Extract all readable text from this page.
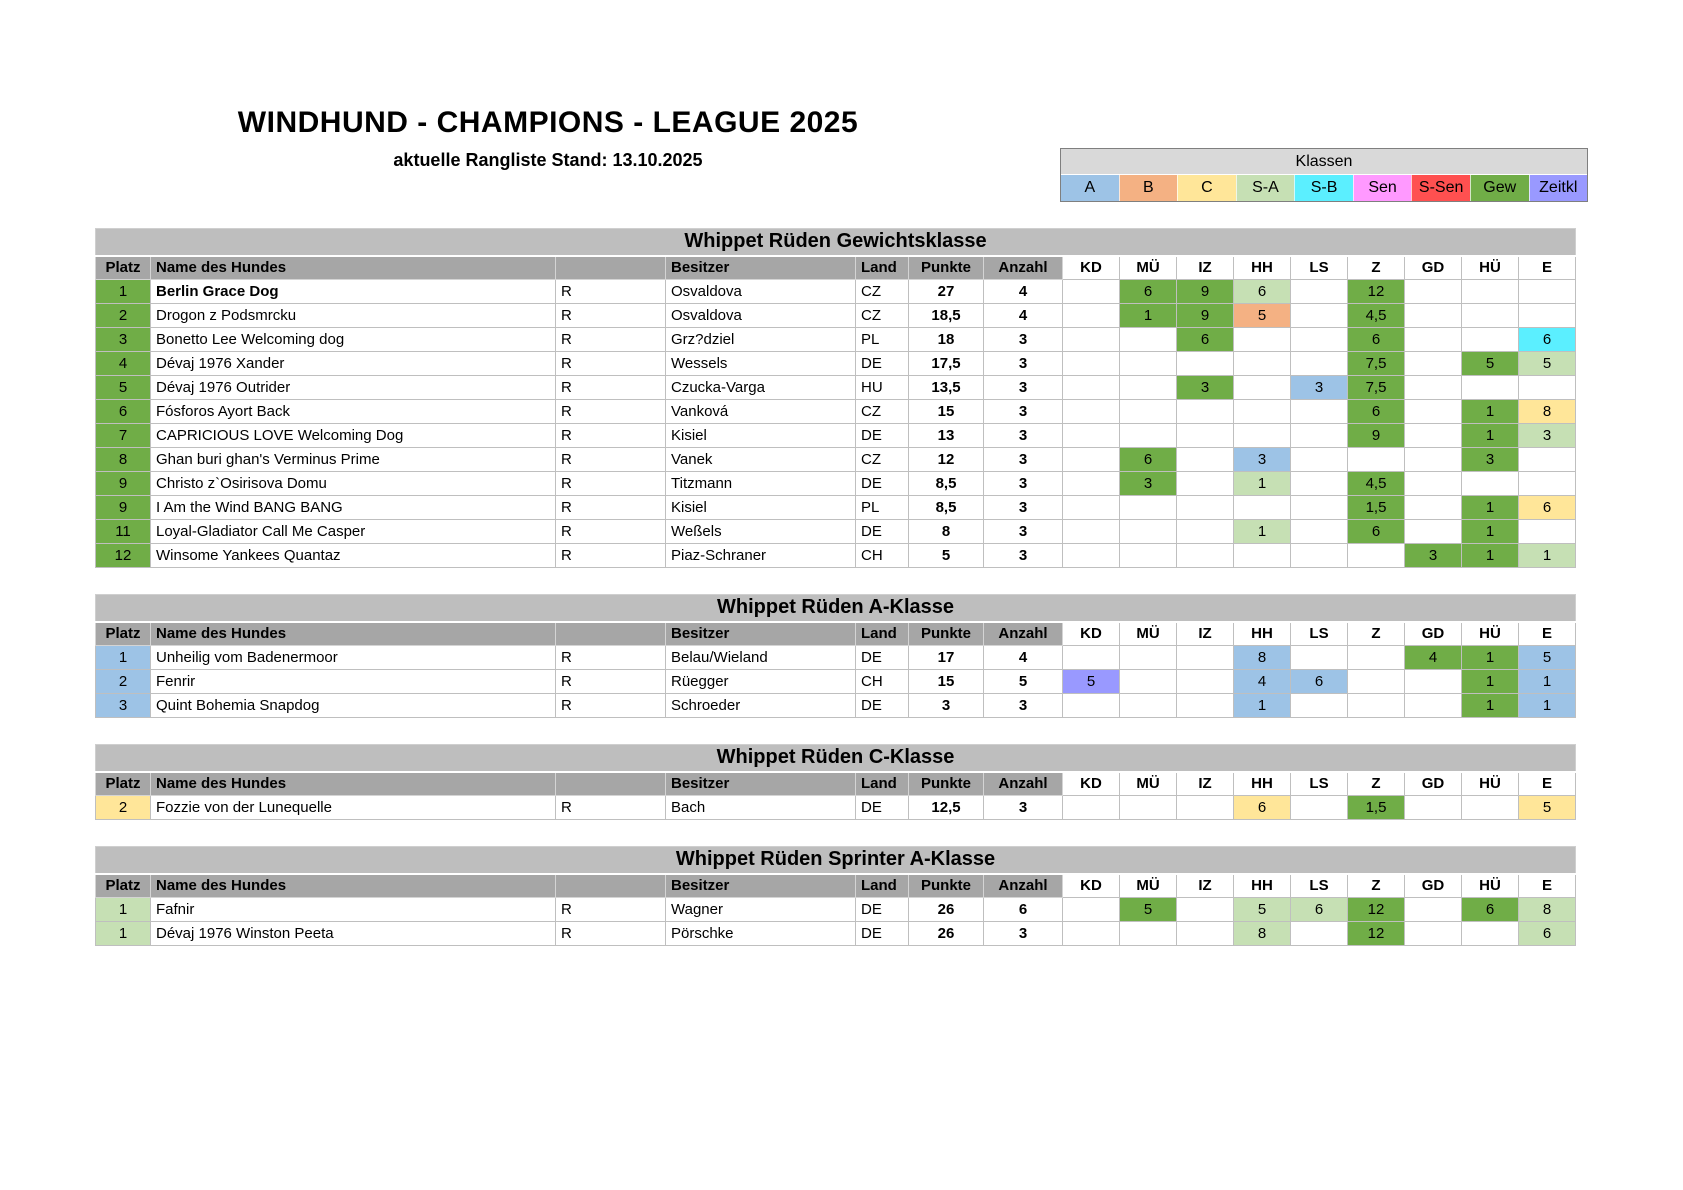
WINDHUND - CHAMPIONS - LEAGUE 2025
aktuelle Rangliste Stand: 13.10.2025	Klassen
A	B	C	S-A	S-B	Sen	S-Sen	Gew	Zeitkl
Whippet Rüden Gewichtsklasse															
Platz	Name des Hundes		Besitzer	Land	Punkte	Anzahl	KD	MÜ	IZ	HH	LS	Z	GD	HÜ	E
1	Berlin Grace Dog	R	Osvaldova	CZ	27	4		6	9	6		12			
2	Drogon z Podsmrcku	R	Osvaldova	CZ	18,5	4		1	9	5		4,5			
3	Bonetto Lee Welcoming dog	R	Grz?dziel	PL	18	3			6			6			6
4	Dévaj 1976 Xander	R	Wessels	DE	17,5	3						7,5		5	5
5	Dévaj 1976 Outrider	R	Czucka-Varga	HU	13,5	3			3		3	7,5			
6	Fósforos Ayort Back	R	Vanková	CZ	15	3						6		1	8
7	CAPRICIOUS LOVE Welcoming Dog	R	Kisiel	DE	13	3						9		1	3
8	Ghan buri ghan's Verminus Prime	R	Vanek	CZ	12	3		6		3				3	
9	Christo z`Osirisova Domu	R	Titzmann	DE	8,5	3		3		1		4,5			
9	I Am the Wind BANG BANG	R	Kisiel	PL	8,5	3						1,5		1	6
11	Loyal-Gladiator Call Me Casper	R	Weßels	DE	8	3				1		6		1	
12	Winsome Yankees Quantaz	R	Piaz-Schraner	CH	5	3							3	1	1
Whippet Rüden A-Klasse															
Platz	Name des Hundes		Besitzer	Land	Punkte	Anzahl	KD	MÜ	IZ	HH	LS	Z	GD	HÜ	E
1	Unheilig vom Badenermoor	R	Belau/Wieland	DE	17	4				8			4	1	5
2	Fenrir	R	Rüegger	CH	15	5	5			4	6			1	1
3	Quint Bohemia Snapdog	R	Schroeder	DE	3	3				1				1	1
Whippet Rüden C-Klasse															
Platz	Name des Hundes		Besitzer	Land	Punkte	Anzahl	KD	MÜ	IZ	HH	LS	Z	GD	HÜ	E
2	Fozzie von der Lunequelle	R	Bach	DE	12,5	3				6		1,5			5
Whippet Rüden Sprinter A-Klasse															
Platz	Name des Hundes		Besitzer	Land	Punkte	Anzahl	KD	MÜ	IZ	HH	LS	Z	GD	HÜ	E
1	Fafnir	R	Wagner	DE	26	6		5		5	6	12		6	8
1	Dévaj 1976 Winston Peeta	R	Pörschke	DE	26	3				8		12			6
